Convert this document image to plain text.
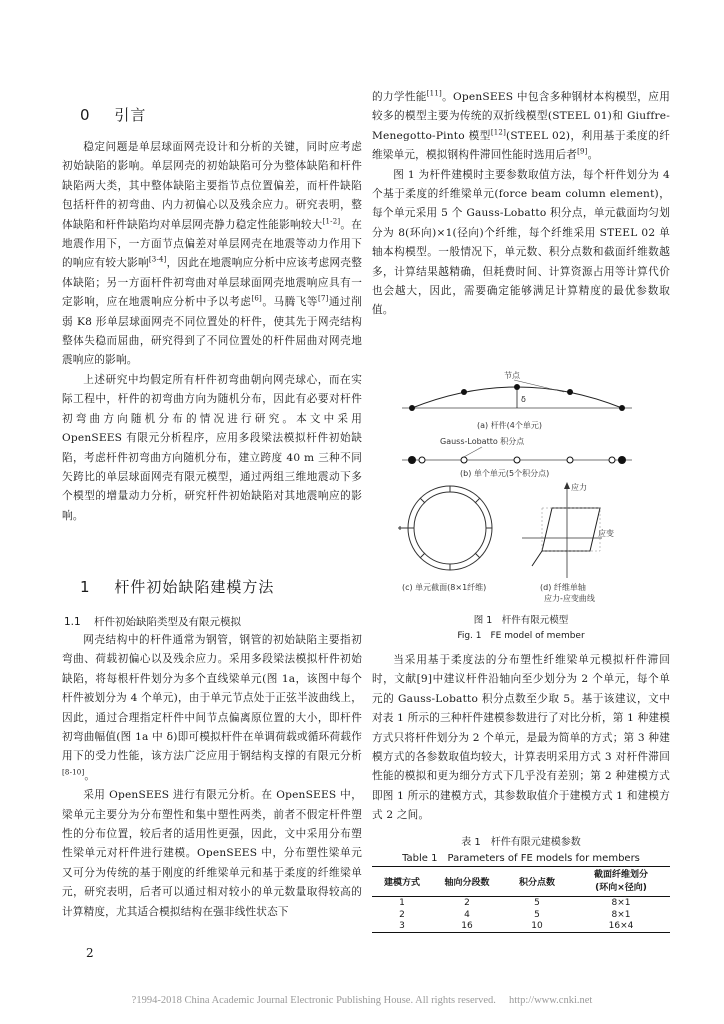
0 引言

稳定问题是单层球面网壳设计和分析的关键，同时应考虑初始缺陷的影响。单层网壳的初始缺陷可分为整体缺陷和杆件缺陷两大类，其中整体缺陷主要指节点位置偏差，而杆件缺陷包括杆件的初弯曲、内力初偏心以及残余应力。研究表明，整体缺陷和杆件缺陷均对单层网壳静力稳定性能影响较大[1-2]。在地震作用下，一方面节点偏差对单层网壳在地震等动力作用下的响应有较大影响[3-4]，因此在地震响应分析中应该考虑网壳整体缺陷；另一方面杆件初弯曲对单层球面网壳地震响应具有一定影响，应在地震响应分析中予以考虑[6]。马腾飞等[7]通过削弱 K8 形单层球面网壳不同位置处的杆件，使其先于网壳结构整体失稳而屈曲，研究得到了不同位置处的杆件屈曲对网壳地震响应的影响。

上述研究中均假定所有杆件初弯曲朝向网壳球心，而在实际工程中，杆件的初弯曲方向为随机分布，因此有必要对杆件初弯曲方向随机分布的情况进行研究。本文中采用 OpenSEES 有限元分析程序，应用多段梁法模拟杆件初始缺陷，考虑杆件初弯曲方向随机分布，建立跨度 40 m 三种不同矢跨比的单层球面网壳有限元模型，通过两组三维地震动下多个模型的增量动力分析，研究杆件初始缺陷对其地震响应的影响。

1 杆件初始缺陷建模方法
1.1 杆件初始缺陷类型及有限元模拟

网壳结构中的杆件通常为钢管，钢管的初始缺陷主要指初弯曲、荷载初偏心以及残余应力。采用多段梁法模拟杆件初始缺陷，将每根杆件划分为多个直线梁单元(图 1a，该图中每个杆件被划分为 4 个单元)，由于单元节点处于正弦半波曲线上，因此，通过合理指定杆件中间节点偏离原位置的大小，即杆件初弯曲幅值(图 1a 中 δ)即可模拟杆件在单调荷载或循环荷载作用下的受力性能，该方法广泛应用于钢结构支撑的有限元分析[8-10]。

采用 OpenSEES 进行有限元分析。在 OpenSEES 中，梁单元主要分为分布塑性和集中塑性两类，前者不假定杆件塑性的分布位置，较后者的适用性更强，因此，文中采用分布塑性梁单元对杆件进行建模。OpenSEES 中，分布塑性梁单元又可分为传统的基于刚度的纤维梁单元和基于柔度的纤维梁单元，研究表明，后者可以通过相对较小的单元数量取得较高的计算精度，尤其适合模拟结构在强非线性状态下

2

的力学性能[11]。OpenSEES 中包含多种钢材本构模型，应用较多的模型主要为传统的双折线模型(STEEL 01)和 Giuffre-Menegotto-Pinto 模型[12](STEEL 02)，利用基于柔度的纤维梁单元，模拟钢构件滞回性能时选用后者[9]。

图 1 为杆件建模时主要参数取值方法，每个杆件划分为 4 个基于柔度的纤维梁单元(force beam column element)，每个单元采用 5 个 Gauss-Lobatto 积分点，单元截面均匀划分为 8(环向)×1(径向)个纤维，每个纤维采用 STEEL 02 单轴本构模型。一般情况下，单元数、积分点数和截面纤维数越多，计算结果越精确，但耗费时间、计算资源占用等计算代价也会越大，因此，需要确定能够满足计算精度的最优参数取值。

节点
δ
(a) 杆件(4个单元)
Gauss-Lobatto 积分点
(b) 单个单元(5个积分点)
(c) 单元截面(8×1纤维)
应力
应变
(d) 纤维单轴
应力-应变曲线
图 1　杆件有限元模型
Fig. 1　FE model of member

当采用基于柔度法的分布塑性纤维梁单元模拟杆件滞回时，文献[9]中建议杆件沿轴向至少划分为 2 个单元，每个单元的 Gauss-Lobatto 积分点数至少取 5。基于该建议，文中对表 1 所示的三种杆件建模参数进行了对比分析，第 1 种建模方式只将杆件划分为 2 个单元，是最为简单的方式；第 3 种建模方式的各参数取值均较大，计算表明采用方式 3 对杆件滞回性能的模拟和更为细分方式下几乎没有差别；第 2 种建模方式即图 1 所示的建模方式，其参数取值介于建模方式 1 和建模方式 2 之间。

表 1　杆件有限元建模参数
Table 1　Parameters of FE models for members
建模方式	轴向分段数	积分点数	截面纤维划分
(环向×径向)
1	2	5	8×1
2	4	5	8×1
3	16	10	16×4
?1994-2018 China Academic Journal Electronic Publishing House. All rights reserved.　 http://www.cnki.net
